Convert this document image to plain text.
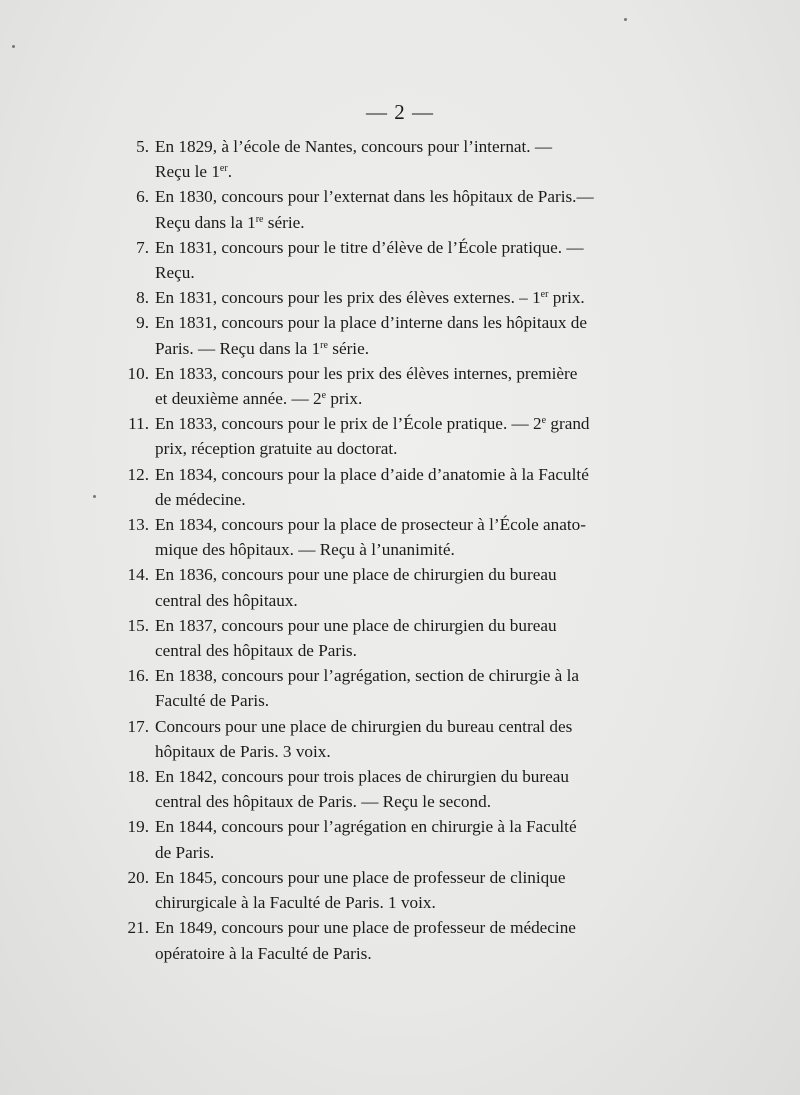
— 2 —
5. En 1829, à l’école de Nantes, concours pour l’internat. —
Reçu le 1er.
6. En 1830, concours pour l’externat dans les hôpitaux de Paris.—
Reçu dans la 1re série.
7. En 1831, concours pour le titre d’élève de l’École pratique. —
Reçu.
8. En 1831, concours pour les prix des élèves externes. – 1er prix.
9. En 1831, concours pour la place d’interne dans les hôpitaux de
Paris. — Reçu dans la 1re série.
10. En 1833, concours pour les prix des élèves internes, première
et deuxième année. — 2e prix.
11. En 1833, concours pour le prix de l’École pratique. — 2e grand
prix, réception gratuite au doctorat.
12. En 1834, concours pour la place d’aide d’anatomie à la Faculté
de médecine.
13. En 1834, concours pour la place de prosecteur à l’École anato-
mique des hôpitaux. — Reçu à l’unanimité.
14. En 1836, concours pour une place de chirurgien du bureau
central des hôpitaux.
15. En 1837, concours pour une place de chirurgien du bureau
central des hôpitaux de Paris.
16. En 1838, concours pour l’agrégation, section de chirurgie à la
Faculté de Paris.
17. Concours pour une place de chirurgien du bureau central des
hôpitaux de Paris. 3 voix.
18. En 1842, concours pour trois places de chirurgien du bureau
central des hôpitaux de Paris. — Reçu le second.
19. En 1844, concours pour l’agrégation en chirurgie à la Faculté
de Paris.
20. En 1845, concours pour une place de professeur de clinique
chirurgicale à la Faculté de Paris. 1 voix.
21. En 1849, concours pour une place de professeur de médecine
opératoire à la Faculté de Paris.
